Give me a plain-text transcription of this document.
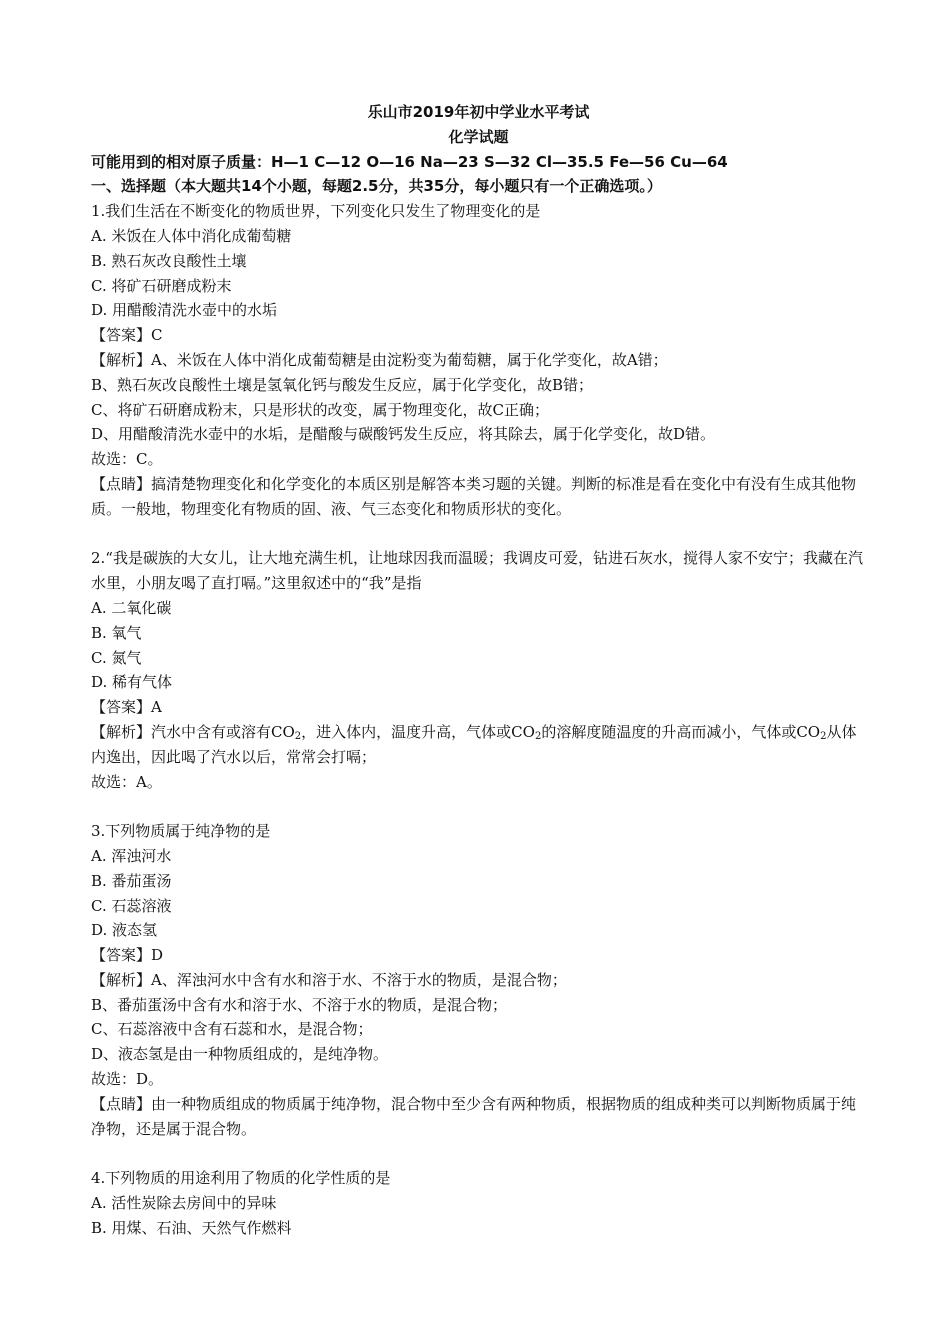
乐山市2019年初中学业水平考试
化学试题
可能用到的相对原子质量：H—1 C—12 O—16 Na—23 S—32 Cl—35.5 Fe—56 Cu—64
一、选择题（本大题共14个小题，每题2.5分，共35分，每小题只有一个正确选项。）
1.我们生活在不断变化的物质世界，下列变化只发生了物理变化的是
A. 米饭在人体中消化成葡萄糖
B. 熟石灰改良酸性土壤
C. 将矿石研磨成粉末
D. 用醋酸清洗水壶中的水垢
【答案】C
【解析】A、米饭在人体中消化成葡萄糖是由淀粉变为葡萄糖，属于化学变化，故A错；
B、熟石灰改良酸性土壤是氢氧化钙与酸发生反应，属于化学变化，故B错；
C、将矿石研磨成粉末，只是形状的改变，属于物理变化，故C正确；
D、用醋酸清洗水壶中的水垢，是醋酸与碳酸钙发生反应，将其除去，属于化学变化，故D错。
故选：C。
【点睛】搞清楚物理变化和化学变化的本质区别是解答本类习题的关键。判断的标准是看在变化中有没有生成其他物质。一般地，物理变化有物质的固、液、气三态变化和物质形状的变化。
2.“我是碳族的大女儿，让大地充满生机，让地球因我而温暖；我调皮可爱，钻进石灰水，搅得人家不安宁；我藏在汽水里，小朋友喝了直打嗝。”这里叙述中的“我”是指
A. 二氧化碳
B. 氧气
C. 氮气
D. 稀有气体
【答案】A
【解析】汽水中含有或溶有$CO_2$，进入体内，温度升高，气体或$CO_2$的溶解度随温度的升高而减小，气体或$CO_2$从体内逸出，因此喝了汽水以后，常常会打嗝；
故选：A。
3.下列物质属于纯净物的是
A. 浑浊河水
B. 番茄蛋汤
C. 石蕊溶液
D. 液态氢
【答案】D
【解析】A、浑浊河水中含有水和溶于水、不溶于水的物质，是混合物；
B、番茄蛋汤中含有水和溶于水、不溶于水的物质，是混合物；
C、石蕊溶液中含有石蕊和水，是混合物；
D、液态氢是由一种物质组成的，是纯净物。
故选：D。
【点睛】由一种物质组成的物质属于纯净物，混合物中至少含有两种物质，根据物质的组成种类可以判断物质属于纯净物，还是属于混合物。
4.下列物质的用途利用了物质的化学性质的是
A. 活性炭除去房间中的异味
B. 用煤、石油、天然气作燃料
